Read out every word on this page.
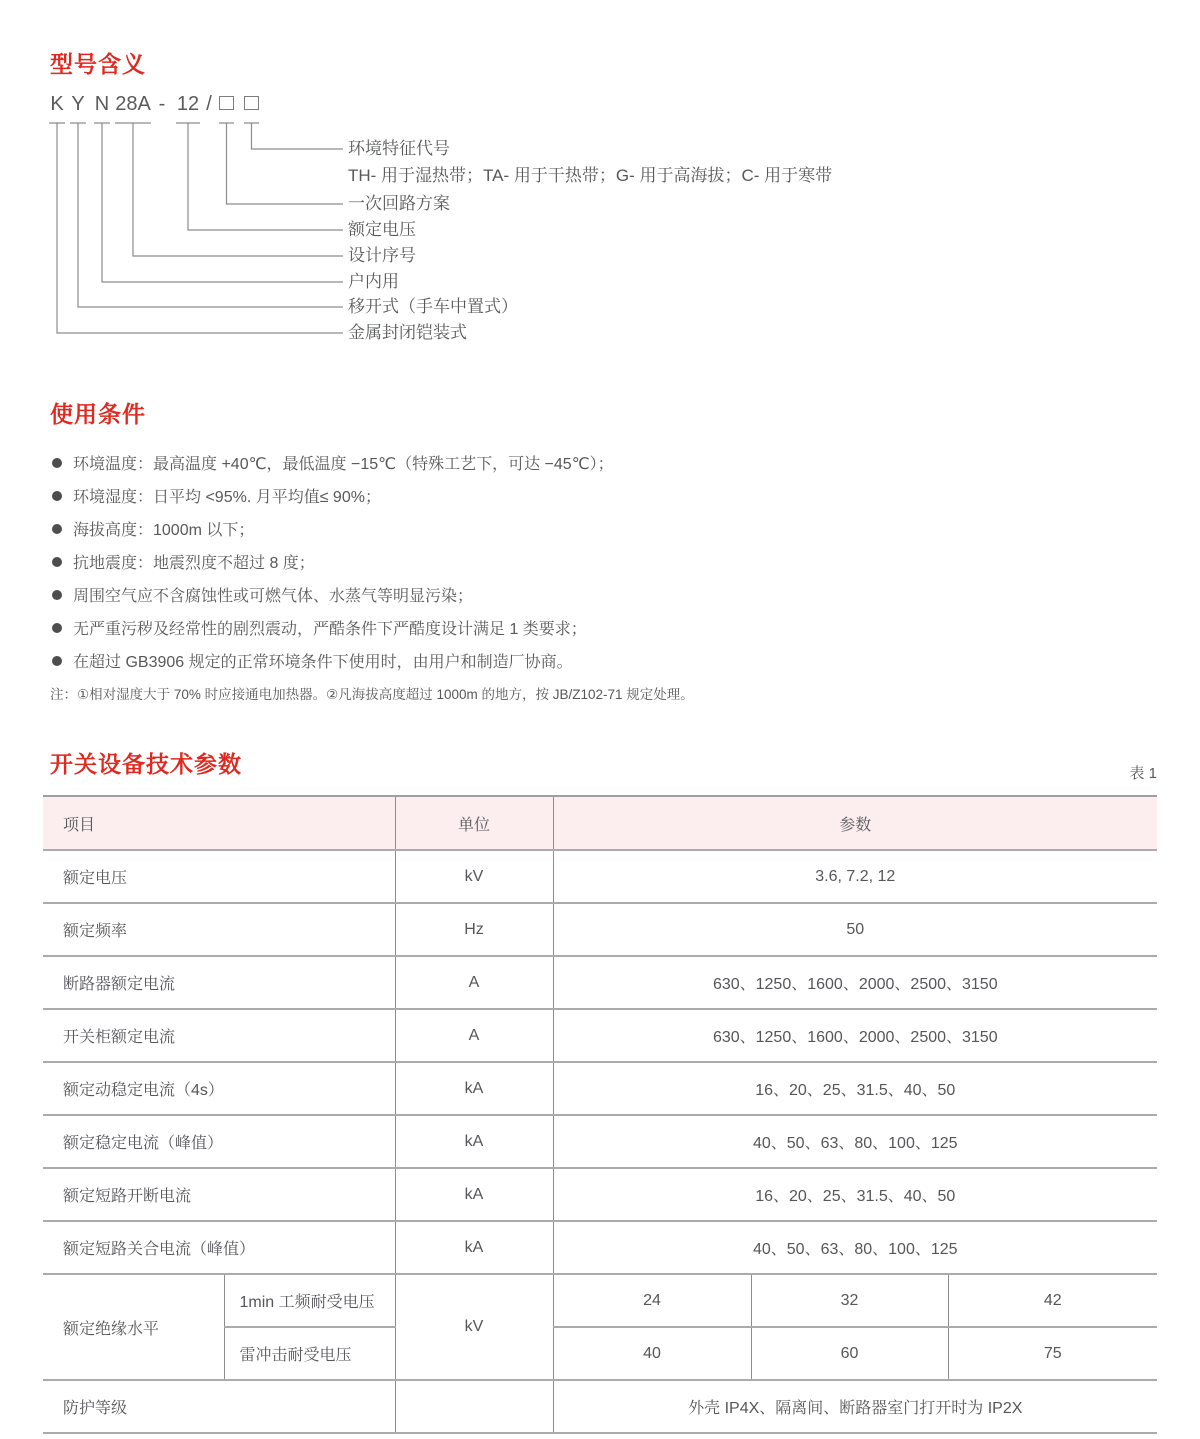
型号含义
K Y N 28A - 12 /
环境特征代号
TH- 用于湿热带；TA- 用于干热带；G- 用于高海拔；C- 用于寒带
一次回路方案
额定电压
设计序号
户内用
移开式（手车中置式）
金属封闭铠装式
使用条件
环境温度：最高温度 +40℃，最低温度 −15℃（特殊工艺下，可达 −45℃）；
环境湿度：日平均 <95%. 月平均值≤ 90%；
海拔高度：1000m 以下；
抗地震度：地震烈度不超过 8 度；
周围空气应不含腐蚀性或可燃气体、水蒸气等明显污染；
无严重污秽及经常性的剧烈震动，严酷条件下严酷度设计满足 1 类要求；
在超过 GB3906 规定的正常环境条件下使用时，由用户和制造厂协商。

注：①相对湿度大于 70% 时应接通电加热器。②凡海拔高度超过 1000m 的地方，按 JB/Z102-71 规定处理。

开关设备技术参数	表 1
项目		单位	参数		
额定电压		kV	3.6, 7.2, 12		
额定频率		Hz	50		
断路器额定电流		A	630、1250、1600、2000、2500、3150		
开关柜额定电流		A	630、1250、1600、2000、2500、3150		
额定动稳定电流（4s）		kA	16、20、25、31.5、40、50		
额定稳定电流（峰值）		kA	40、50、63、80、100、125		
额定短路开断电流		kA	16、20、25、31.5、40、50		
额定短路关合电流（峰值）		kA	40、50、63、80、100、125		
额定绝缘水平	1min 工频耐受电压	kV	24	32	42
	雷冲击耐受电压		40	60	75
防护等级			外壳 IP4X、隔离间、断路器室门打开时为 IP2X		
